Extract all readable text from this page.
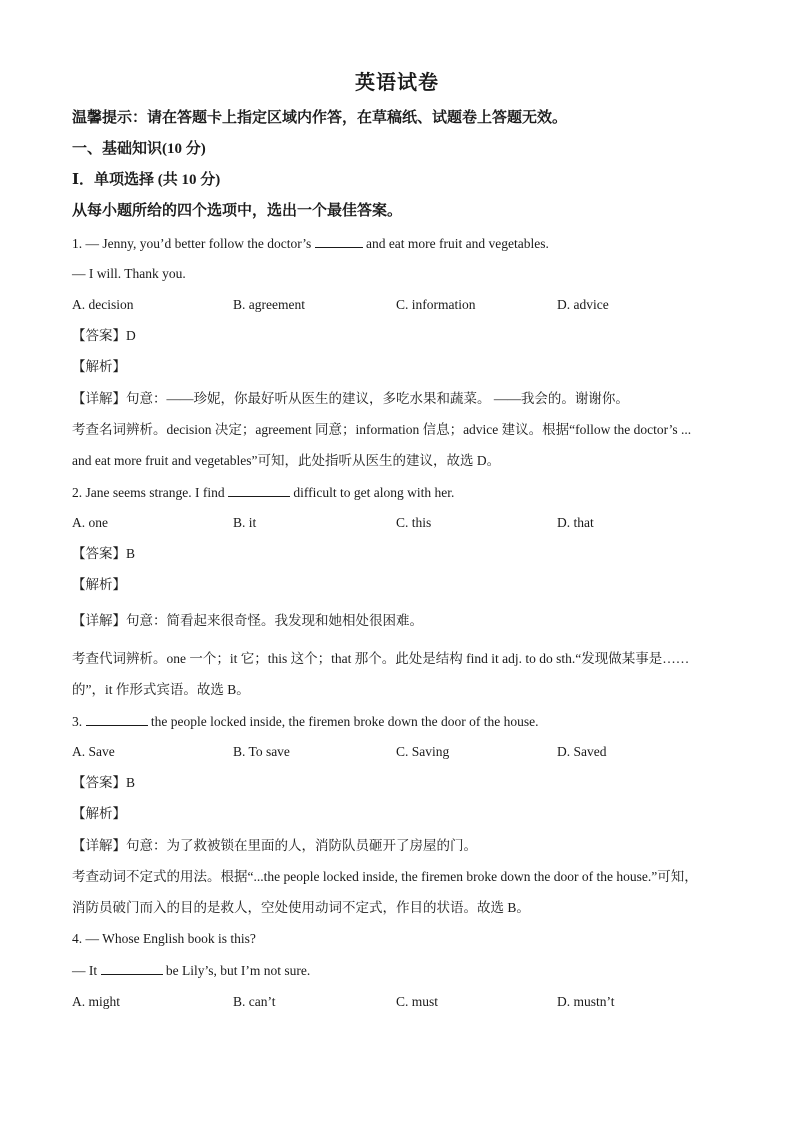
英语试卷
温馨提示：请在答题卡上指定区域内作答，在草稿纸、试题卷上答题无效。
一、基础知识(10 分)
Ⅰ．单项选择 (共 10 分)
从每小题所给的四个选项中，选出一个最佳答案。
1. — Jenny, you’d better follow the doctor’s	and eat more fruit and vegetables.
— I will. Thank you.
A. decision	B. agreement	C. information	D. advice
【答案】D
【解析】
【详解】句意：——珍妮，你最好听从医生的建议，多吃水果和蔬菜。 ——我会的。谢谢你。
考查名词辨析。decision 决定；agreement 同意；information 信息；advice 建议。根据“follow the doctor’s ...
and eat more fruit and vegetables”可知，此处指听从医生的建议，故选 D。
2. Jane seems strange. I find	difficult to get along with her.
A. one	B. it	C. this	D. that
【答案】B
【解析】
【详解】句意：简看起来很奇怪。我发现和她相处很困难。
考查代词辨析。one 一个；it 它；this 这个；that 那个。此处是结构 find it adj. to do sth.“发现做某事是……
的”，it 作形式宾语。故选 B。
3.	the people locked inside, the firemen broke down the door of the house.
A. Save	B. To save	C. Saving	D. Saved
【答案】B
【解析】
【详解】句意：为了救被锁在里面的人，消防队员砸开了房屋的门。
考查动词不定式的用法。根据“...the people locked inside, the firemen broke down the door of the house.”可知，
消防员破门而入的目的是救人，空处使用动词不定式，作目的状语。故选 B。
4. — Whose English book is this?
— It	be Lily’s, but I’m not sure.
A. might	B. can’t	C. must	D. mustn’t
